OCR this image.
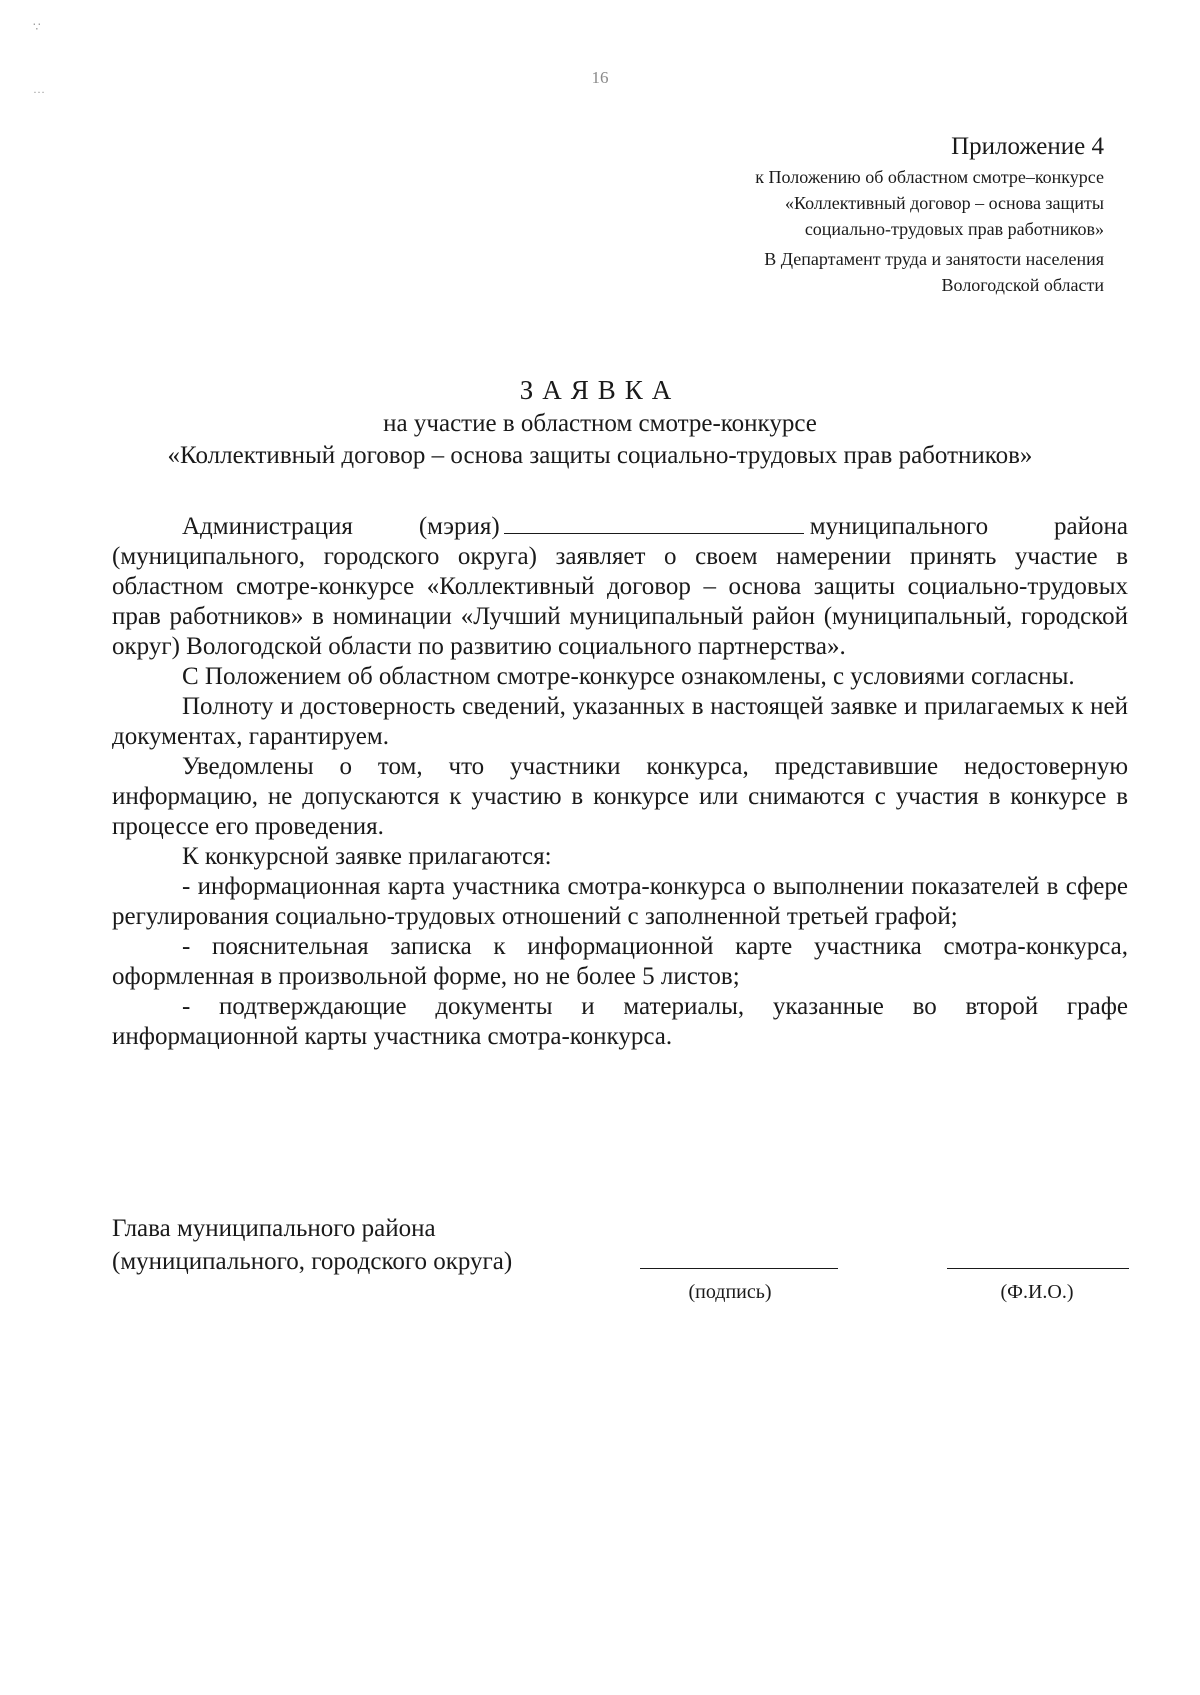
16
∵
…
Приложение 4
к Положению об областном смотре–конкурсе
«Коллективный договор – основа защиты
социально-трудовых прав работников»
В Департамент труда и занятости населения
Вологодской области
ЗАЯВКА
на участие в областном смотре-конкурсе
«Коллективный договор – основа защиты социально-трудовых прав работников»

Администрация (мэрия)	муниципального района (муниципального, городского округа) заявляет о своем намерении принять участие в областном смотре-конкурсе «Коллективный договор – основа защиты социально-трудовых прав работников» в номинации «Лучший муниципальный район (муниципальный, городской округ) Вологодской области по развитию социального партнерства».

С Положением об областном смотре-конкурсе ознакомлены, с условиями согласны.

Полноту и достоверность сведений, указанных в настоящей заявке и прилагаемых к ней документах, гарантируем.

Уведомлены о том, что участники конкурса, представившие недостоверную информацию, не допускаются к участию в конкурсе или снимаются с участия в конкурсе в процессе его проведения.

К конкурсной заявке прилагаются:

- информационная карта участника смотра-конкурса о выполнении показателей в сфере регулирования социально-трудовых отношений с заполненной третьей графой;

- пояснительная записка к информационной карте участника смотра-конкурса, оформленная в произвольной форме, но не более 5 листов;

- подтверждающие документы и материалы, указанные во второй графе информационной карты участника смотра-конкурса.

Глава муниципального района
(муниципального, городского округа)
(подпись)	(Ф.И.О.)
